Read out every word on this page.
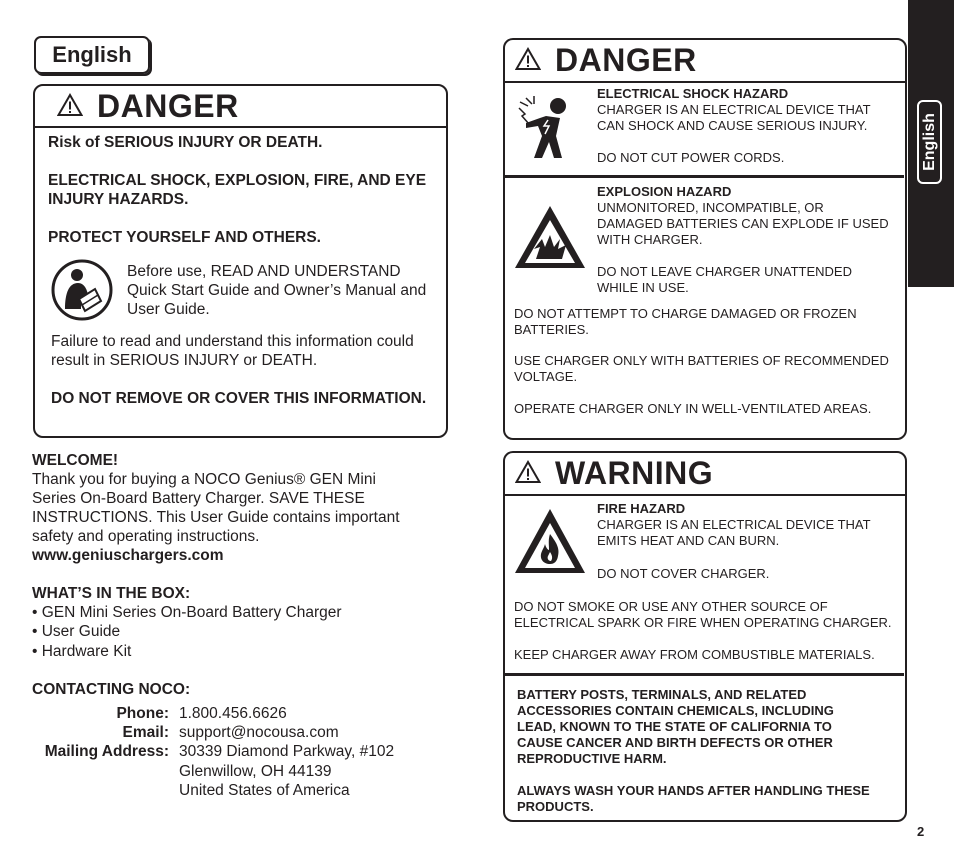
English
DANGER
Risk of SERIOUS INJURY OR DEATH.
ELECTRICAL SHOCK, EXPLOSION, FIRE, AND EYE INJURY HAZARDS.
PROTECT YOURSELF AND OTHERS.
Before use, READ AND UNDERSTAND Quick Start Guide and Owner’s Manual and User Guide.
Failure to read and understand this information could result in SERIOUS INJURY or DEATH.
DO NOT REMOVE OR COVER THIS INFORMATION.
WELCOME!
Thank you for buying a NOCO Genius® GEN Mini Series On-Board Battery Charger. SAVE THESE INSTRUCTIONS. This User Guide contains important safety and operating instructions.
www.geniuschargers.com
WHAT’S IN THE BOX:
• GEN Mini Series On-Board Battery Charger
• User Guide
• Hardware Kit
CONTACTING NOCO:
Phone: 1.800.456.6626
Email: support@nocousa.com
Mailing Address: 30339 Diamond Parkway, #102
Glenwillow, OH 44139
United States of America
DANGER
ELECTRICAL SHOCK HAZARD
CHARGER IS AN ELECTRICAL DEVICE THAT
CAN SHOCK AND CAUSE SERIOUS INJURY.
DO NOT CUT POWER CORDS.
EXPLOSION HAZARD
UNMONITORED, INCOMPATIBLE, OR
DAMAGED BATTERIES CAN EXPLODE IF USED
WITH CHARGER.
DO NOT LEAVE CHARGER UNATTENDED
WHILE IN USE.
DO NOT ATTEMPT TO CHARGE DAMAGED OR FROZEN
BATTERIES.
USE CHARGER ONLY WITH BATTERIES OF RECOMMENDED
VOLTAGE.
OPERATE CHARGER ONLY IN WELL-VENTILATED AREAS.
WARNING
FIRE HAZARD
CHARGER IS AN ELECTRICAL DEVICE THAT
EMITS HEAT AND CAN BURN.
DO NOT COVER CHARGER.
DO NOT SMOKE OR USE ANY OTHER SOURCE OF
ELECTRICAL SPARK OR FIRE WHEN OPERATING CHARGER.
KEEP CHARGER AWAY FROM COMBUSTIBLE MATERIALS.
BATTERY POSTS, TERMINALS, AND RELATED
ACCESSORIES CONTAIN CHEMICALS, INCLUDING
LEAD, KNOWN TO THE STATE OF CALIFORNIA TO
CAUSE CANCER AND BIRTH DEFECTS OR OTHER
REPRODUCTIVE HARM.
ALWAYS WASH YOUR HANDS AFTER HANDLING THESE
PRODUCTS.
English
2
